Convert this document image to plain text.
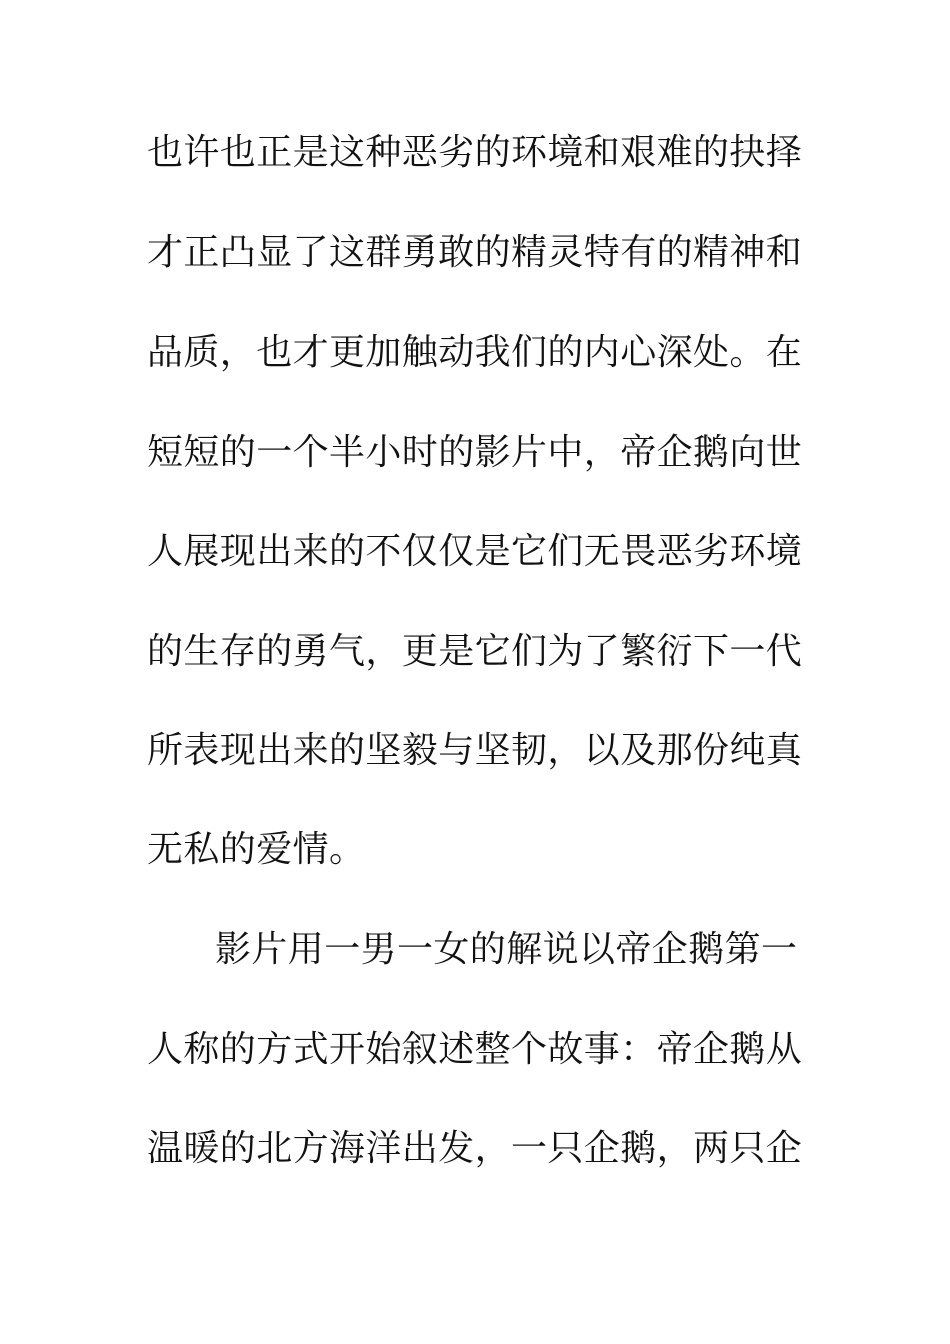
也许也正是这种恶劣的环境和艰难的抉择
才正凸显了这群勇敢的精灵特有的精神和
品质，也才更加触动我们的内心深处。在
短短的一个半小时的影片中，帝企鹅向世
人展现出来的不仅仅是它们无畏恶劣环境
的生存的勇气，更是它们为了繁衍下一代
所表现出来的坚毅与坚韧，以及那份纯真
无私的爱情。
影片用一男一女的解说以帝企鹅第一
人称的方式开始叙述整个故事：帝企鹅从
温暖的北方海洋出发，一只企鹅，两只企
